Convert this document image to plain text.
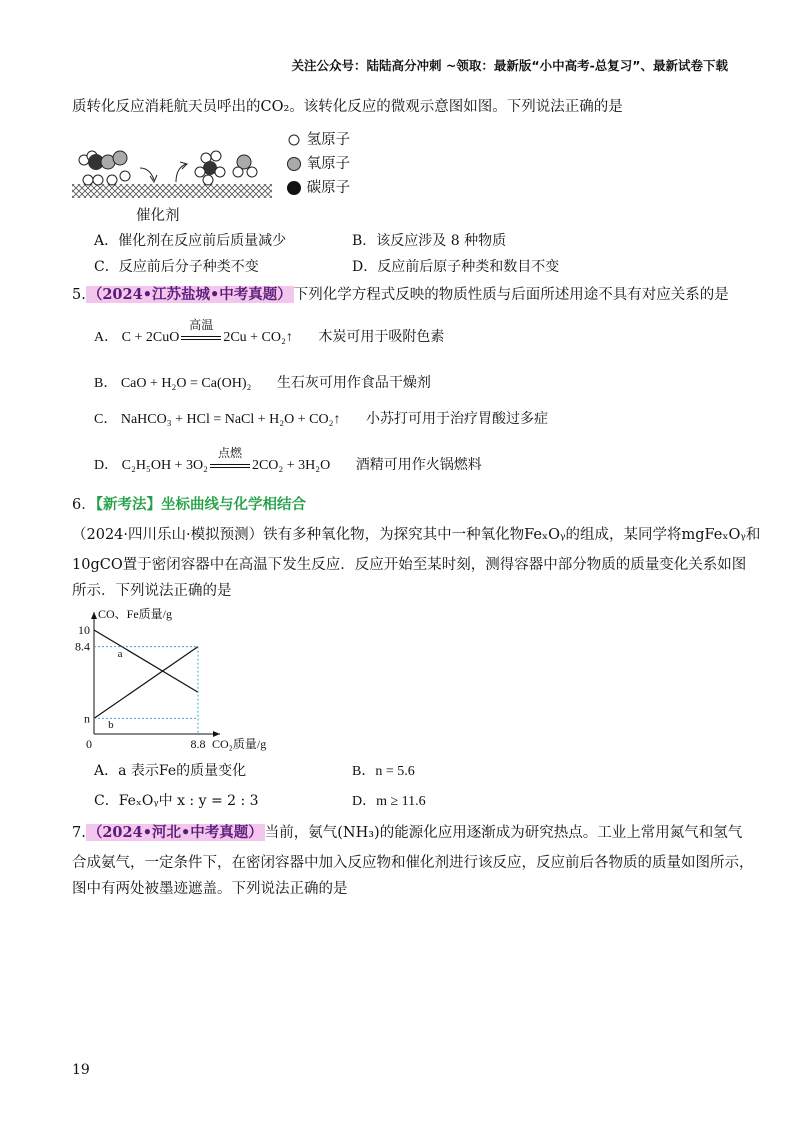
关注公众号：陆陆高分冲刺 ~领取：最新版“小中高考-总复习”、最新试卷下载
质转化反应消耗航天员呼出的CO₂。该转化反应的微观示意图如图。下列说法正确的是
催化剂
氢原子
氧原子
碳原子
A．催化剂在反应前后质量减少	B．该反应涉及 8 种物质
C．反应前后分子种类不变	D．反应前后原子种类和数目不变
5. （2024•江苏盐城•中考真题） 下列化学方程式反映的物质性质与后面所述用途不具有对应关系的是
A． C + 2CuO
高温
2Cu + CO₂↑ 木炭可用于吸附色素
B． CaO + H₂O = Ca(OH)₂ 生石灰可用作食品干燥剂
C． NaHCO₃ + HCl = NaCl + H₂O + CO₂↑ 小苏打可用于治疗胃酸过多症
D． C₂H₅OH + 3O₂
点燃
2CO₂ + 3H₂O 酒精可用作火锅燃料
6．【新考法】坐标曲线与化学相结合
（2024·四川乐山·模拟预测）铁有多种氧化物，为探究其中一种氧化物FeₓOᵧ的组成，某同学将mgFeₓOᵧ和
10gCO置于密闭容器中在高温下发生反应．反应开始至某时刻，测得容器中部分物质的质量变化关系如图
所示．下列说法正确的是
CO、Fe质量/g
CO₂质量/g
10
8.4
n
0	8.8
a
b
A．a 表示Fe的质量变化	B．n = 5.6
C．FeₓOᵧ中 x : y = 2 : 3	D．m ≥ 11.6
7. （2024•河北•中考真题） 当前，氨气(NH₃)的能源化应用逐渐成为研究热点。工业上常用氮气和氢气
合成氨气，一定条件下，在密闭容器中加入反应物和催化剂进行该反应，反应前后各物质的质量如图所示，
图中有两处被墨迹遮盖。下列说法正确的是
19
